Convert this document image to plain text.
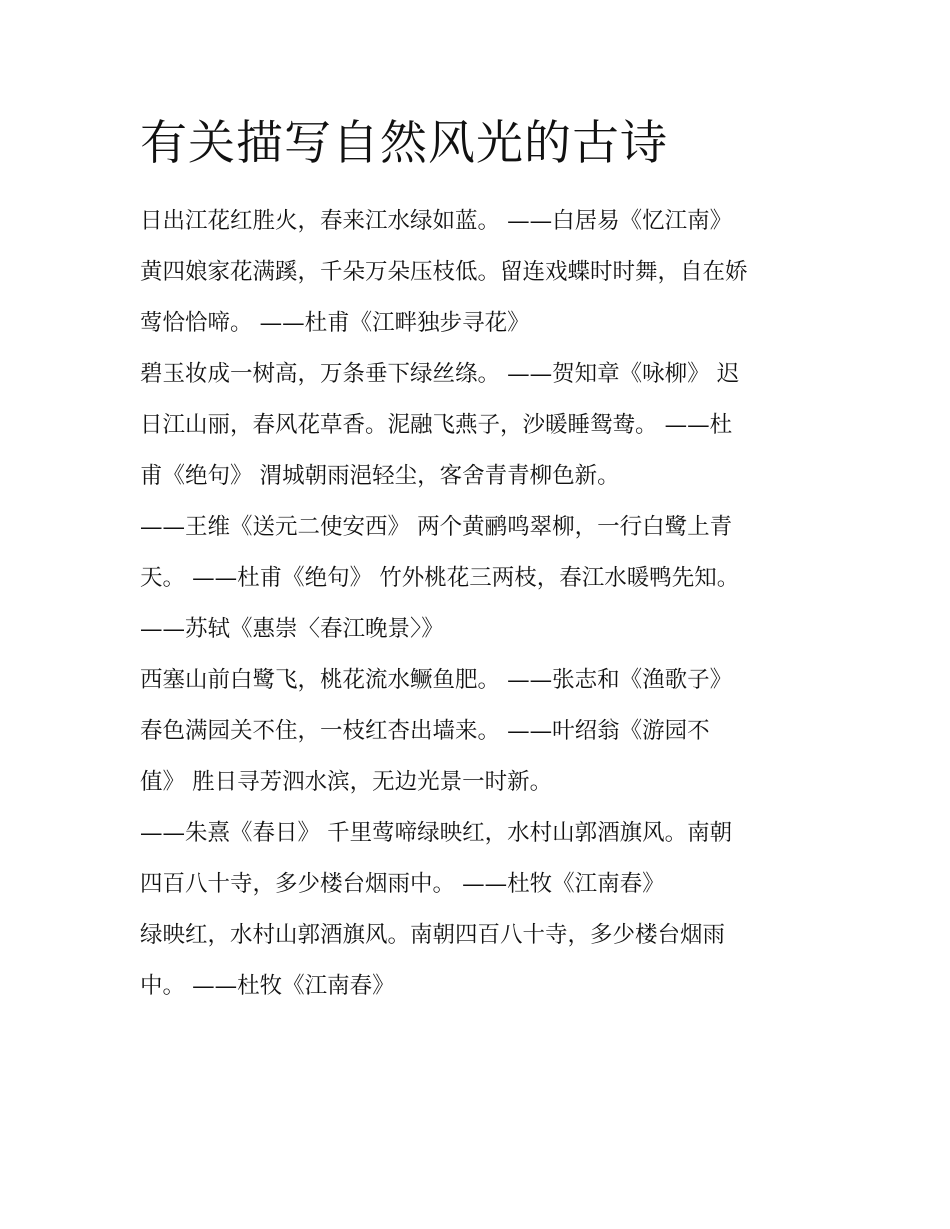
有关描写自然风光的古诗
日出江花红胜火，春来江水绿如蓝。 ——白居易《忆江南》
黄四娘家花满蹊，千朵万朵压枝低。留连戏蝶时时舞，自在娇
莺恰恰啼。 ——杜甫《江畔独步寻花》
碧玉妆成一树高，万条垂下绿丝绦。 ——贺知章《咏柳》 迟
日江山丽，春风花草香。泥融飞燕子，沙暖睡鸳鸯。 ——杜
甫《绝句》 渭城朝雨浥轻尘，客舍青青柳色新。
——王维《送元二使安西》 两个黄鹂鸣翠柳，一行白鹭上青
天。 ——杜甫《绝句》 竹外桃花三两枝，春江水暖鸭先知。
——苏轼《惠崇〈春江晚景〉》
西塞山前白鹭飞，桃花流水鳜鱼肥。 ——张志和《渔歌子》
春色满园关不住，一枝红杏出墙来。 ——叶绍翁《游园不
值》 胜日寻芳泗水滨，无边光景一时新。
——朱熹《春日》 千里莺啼绿映红，水村山郭酒旗风。南朝
四百八十寺，多少楼台烟雨中。 ——杜牧《江南春》
绿映红，水村山郭酒旗风。南朝四百八十寺，多少楼台烟雨
中。 ——杜牧《江南春》
